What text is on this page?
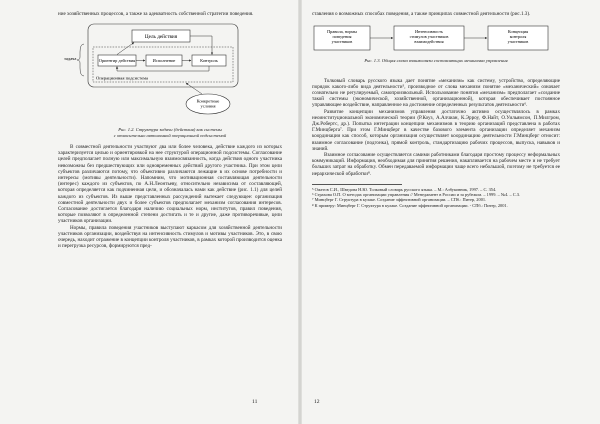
ние хозяйственных процессов, а также за адекватность собственной стратегии поведения.

Цель действия
Ориентир действия	Исполнение	Контроль
Операционная подсистема
задача
Конкретные условия

Рис. 1.2. Структура задачи (действия) как системы

с относительно автономной операционной подсистемой

В совместной деятельности участвуют два или более человека, действие каждого из которых характеризуется целью и ориентировкой на нее структурой операционной подсистемы. Согласование целей предполагает полную или максимальную взаимосвязанность, когда действия одного участника невозможны без предшествующих или одновременных действий другого участника. При этом цели субъектов различаются потому, что объективно различаются лежащие в их основе потребности и интересы (мотивы деятельности). Напомним, что мотивационная составляющая деятельности (интерес) каждого из субъектов, по А.Н.Леонтьеву, относительно независима от составляющей, которая определяется как подчиненная цели, и обозначалась нами как действие (рис. 1.1) для целей каждого из субъектов. Из выше представленных рассуждений вытекает следующее: организация совместной деятельности двух и более субъектов предполагает механизм согласования интересов. Согласование достигается благодаря наличию социальных норм, институтов, правил поведения, которые позволяют в определенной степени достигать и те и другие, даже противоречивые, цели участников организации.

Нормы, правила поведения участников выступают каркасом для хозяйственной деятельности участников организации, воздействуя на интенсивность стимулов и мотивы участников. Это, в свою очередь, находит отражение в концепции контроля участников, в рамках которой производится оценка и перегрузка ресурсов, формируются пред-

11

ставления о возможных способах поведения, а также принципах совместной деятельности (рис.1.3).

Правила, нормы поведения участников
Интенсивность стимулов участников взаимодействия
Концепция контроля участников

Рис. 1.3. Общая схема взаимосвязи составляющих механизма управления

Толковый словарь русского языка дает понятие «механизм» как систему, устройство, определяющие порядок какого-либо вида деятельности⁵, производное от слова механизм понятие «механический» означает сознательно не регулируемый, самопроизвольный. Использование понятия «механизм» предполагает «создание такой системы (экономической, хозяйственной, организационной), которая обеспечивает постоянное управляющее воздействие, направленное на достижение определенных результатов деятельности⁶.

Развитие концепции механизмов управления достаточно активно осуществлялось в рамках неоинституциональной экономической теории (Р.Коуз, А.Алчиан, К.Эрроу, Ф.Найт, О.Уильямсон, П.Милгром, Дж.Робертс, др.). Попытка интеграции концепции механизмов в теорию организаций представлена в работах Г.Минцберга⁷. При этом Г.Минцберг в качестве базового элемента организации определяет механизм координации как способ, которым организация осуществляет координацию деятельности Г.Минцберг относит: взаимное согласование (подгонка), прямой контроль, стандартизацию рабочих процессов, выпуска, навыков и знаний.

Взаимное согласование осуществляется самими работниками благодаря простому процессу неформальных коммуникаций. Информация, необходимая для принятия решения, накапливается на рабочем месте и не требует больших затрат на обработку. Обмен передаваемой информации чаще всего небольшой, поэтому не требуется ее иерархической обработки⁸.

⁵ Ожегов С.И., Шведова Н.Ю. Толковый словарь русского языка. – М.: Азбуковник, 1997. – С. 354.

⁶ Страхова О.П. О методах организации управления // Менеджмент в России и за рубежом. – 1999. – №4. – С.3.

⁷ Минцберг Г. Структура в кулаке. Создание эффективной организации. – СПб.: Питер, 2001.

⁸ К примеру: Минцберг Г. Структура в кулаке. Создание эффективной организации. - СПб.: Питер, 2001.

12
